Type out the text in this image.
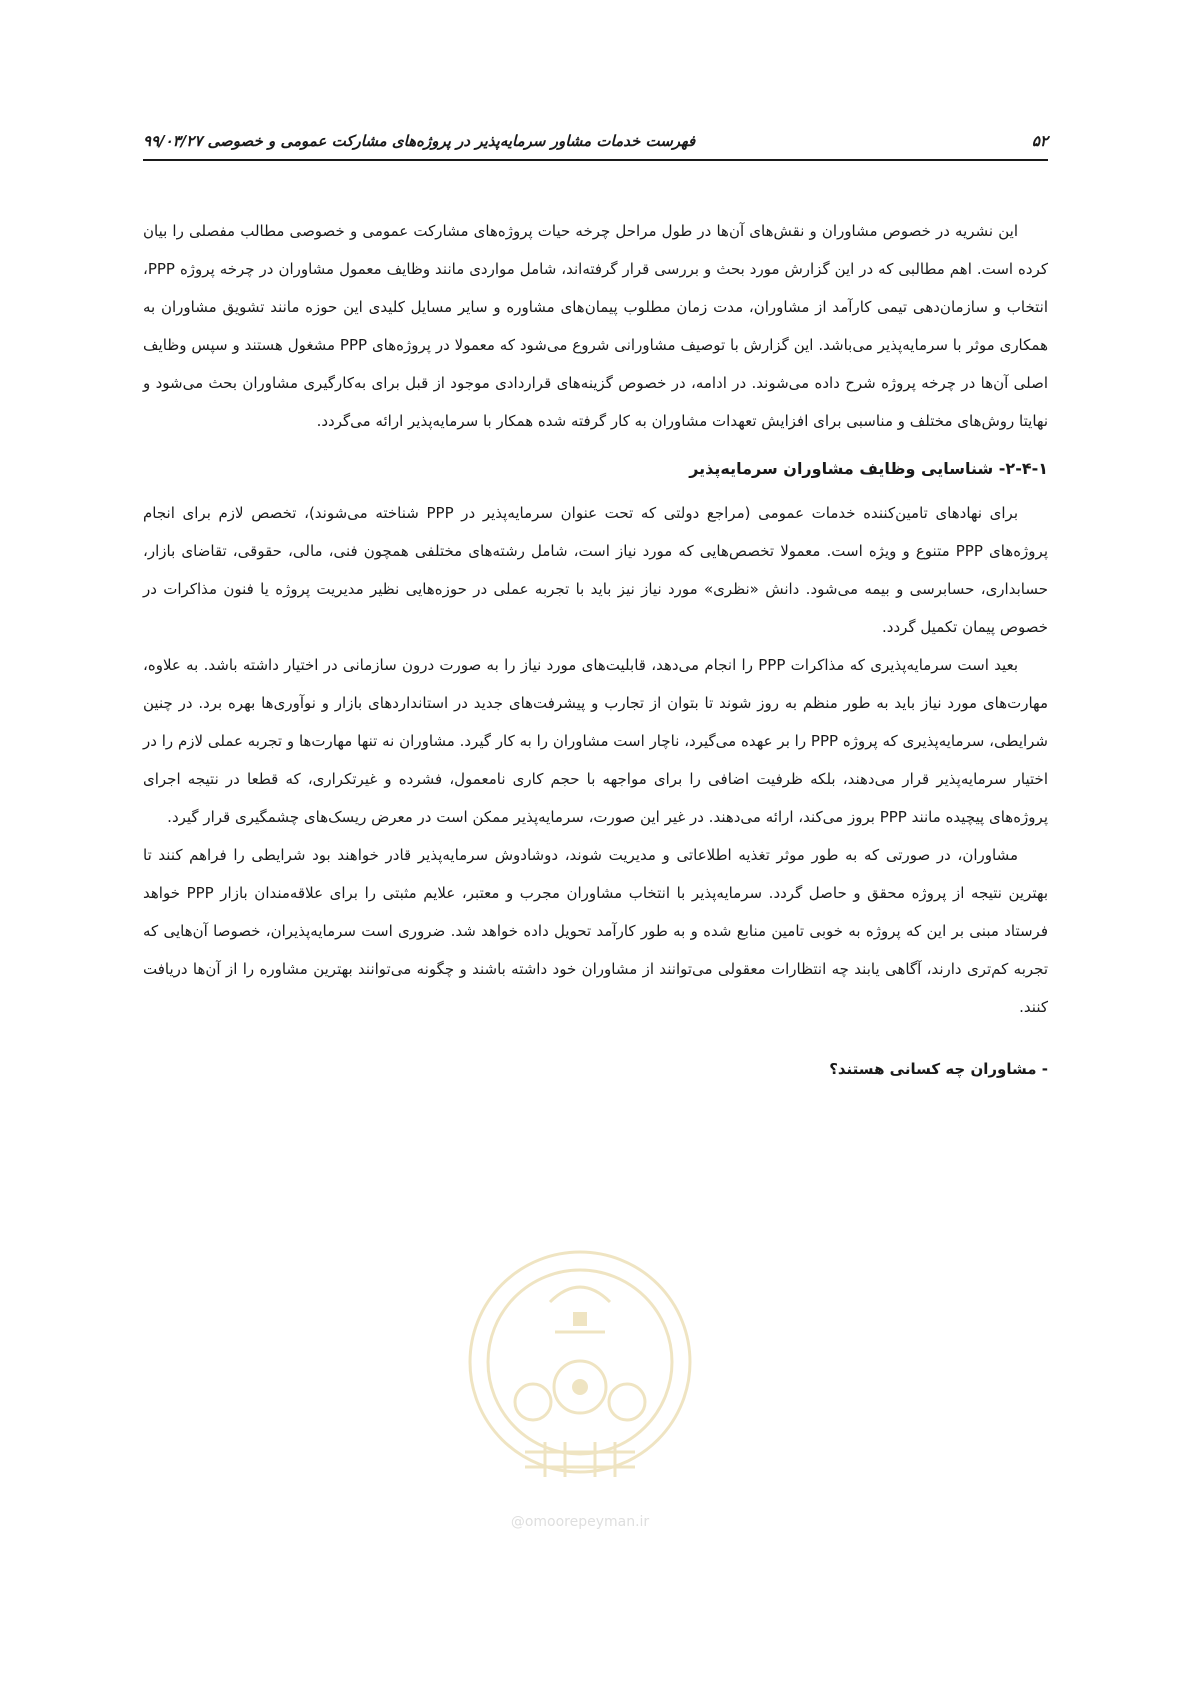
۵۲
فهرست خدمات مشاور سرمایه‌پذیر در پروژه‌های مشارکت عمومی و خصوصی ۹۹/۰۳/۲۷

این نشریه در خصوص مشاوران و نقش‌های آن‌ها در طول مراحل چرخه حیات پروژه‌های مشارکت عمومی و خصوصی مطالب مفصلی را بیان کرده است. اهم مطالبی که در این گزارش مورد بحث و بررسی قرار گرفته‌اند، شامل مواردی مانند وظایف معمول مشاوران در چرخه پروژه PPP، انتخاب و سازمان‌دهی تیمی کارآمد از مشاوران، مدت زمان مطلوب پیمان‌های مشاوره و سایر مسایل کلیدی این حوزه مانند تشویق مشاوران به همکاری موثر با سرمایه‌پذیر می‌باشد. این گزارش با توصیف مشاورانی شروع می‌شود که معمولا در پروژه‌های PPP مشغول هستند و سپس وظایف اصلی آن‌ها در چرخه پروژه شرح داده می‌شوند. در ادامه، در خصوص گزینه‌های قراردادی موجود از قبل برای به‌کارگیری مشاوران بحث می‌شود و نهایتا روش‌های مختلف و مناسبی برای افزایش تعهدات مشاوران به کار گرفته شده همکار با سرمایه‌پذیر ارائه می‌گردد.

۲-۴-۱- شناسایی وظایف مشاوران سرمایه‌پذیر

برای نهادهای تامین‌کننده خدمات عمومی (مراجع دولتی که تحت عنوان سرمایه‌پذیر در PPP شناخته می‌شوند)، تخصص لازم برای انجام پروژه‌های PPP متنوع و ویژه است. معمولا تخصص‌هایی که مورد نیاز است، شامل رشته‌های مختلفی همچون فنی، مالی، حقوقی، تقاضای بازار، حسابداری، حسابرسی و بیمه می‌شود. دانش «نظری» مورد نیاز نیز باید با تجربه عملی در حوزه‌هایی نظیر مدیریت پروژه یا فنون مذاکرات در خصوص پیمان تکمیل گردد.

بعید است سرمایه‌پذیری که مذاکرات PPP را انجام می‌دهد، قابلیت‌های مورد نیاز را به صورت درون سازمانی در اختیار داشته باشد. به علاوه، مهارت‌های مورد نیاز باید به طور منظم به روز شوند تا بتوان از تجارب و پیشرفت‌های جدید در استانداردهای بازار و نوآوری‌ها بهره برد. در چنین شرایطی، سرمایه‌پذیری که پروژه PPP را بر عهده می‌گیرد، ناچار است مشاوران را به کار گیرد. مشاوران نه تنها مهارت‌ها و تجربه عملی لازم را در اختیار سرمایه‌پذیر قرار می‌دهند، بلکه ظرفیت اضافی را برای مواجهه با حجم کاری نامعمول، فشرده و غیرتکراری، که قطعا در نتیجه اجرای پروژه‌های پیچیده مانند PPP بروز می‌کند، ارائه می‌دهند. در غیر این صورت، سرمایه‌پذیر ممکن است در معرض ریسک‌های چشمگیری قرار گیرد.

مشاوران، در صورتی که به طور موثر تغذیه اطلاعاتی و مدیریت شوند، دوشادوش سرمایه‌پذیر قادر خواهند بود شرایطی را فراهم کنند تا بهترین نتیجه از پروژه محقق و حاصل گردد. سرمایه‌پذیر با انتخاب مشاوران مجرب و معتبر، علایم مثبتی را برای علاقه‌مندان بازار PPP خواهد فرستاد مبنی بر این که پروژه به خوبی تامین منابع شده و به طور کارآمد تحویل داده خواهد شد. ضروری است سرمایه‌پذیران، خصوصا آن‌هایی که تجربه کم‌تری دارند، آگاهی یابند چه انتظارات معقولی می‌توانند از مشاوران خود داشته باشند و چگونه می‌توانند بهترین مشاوره را از آن‌ها دریافت کنند.

- مشاوران چه کسانی هستند؟
@omoorepeyman.ir
